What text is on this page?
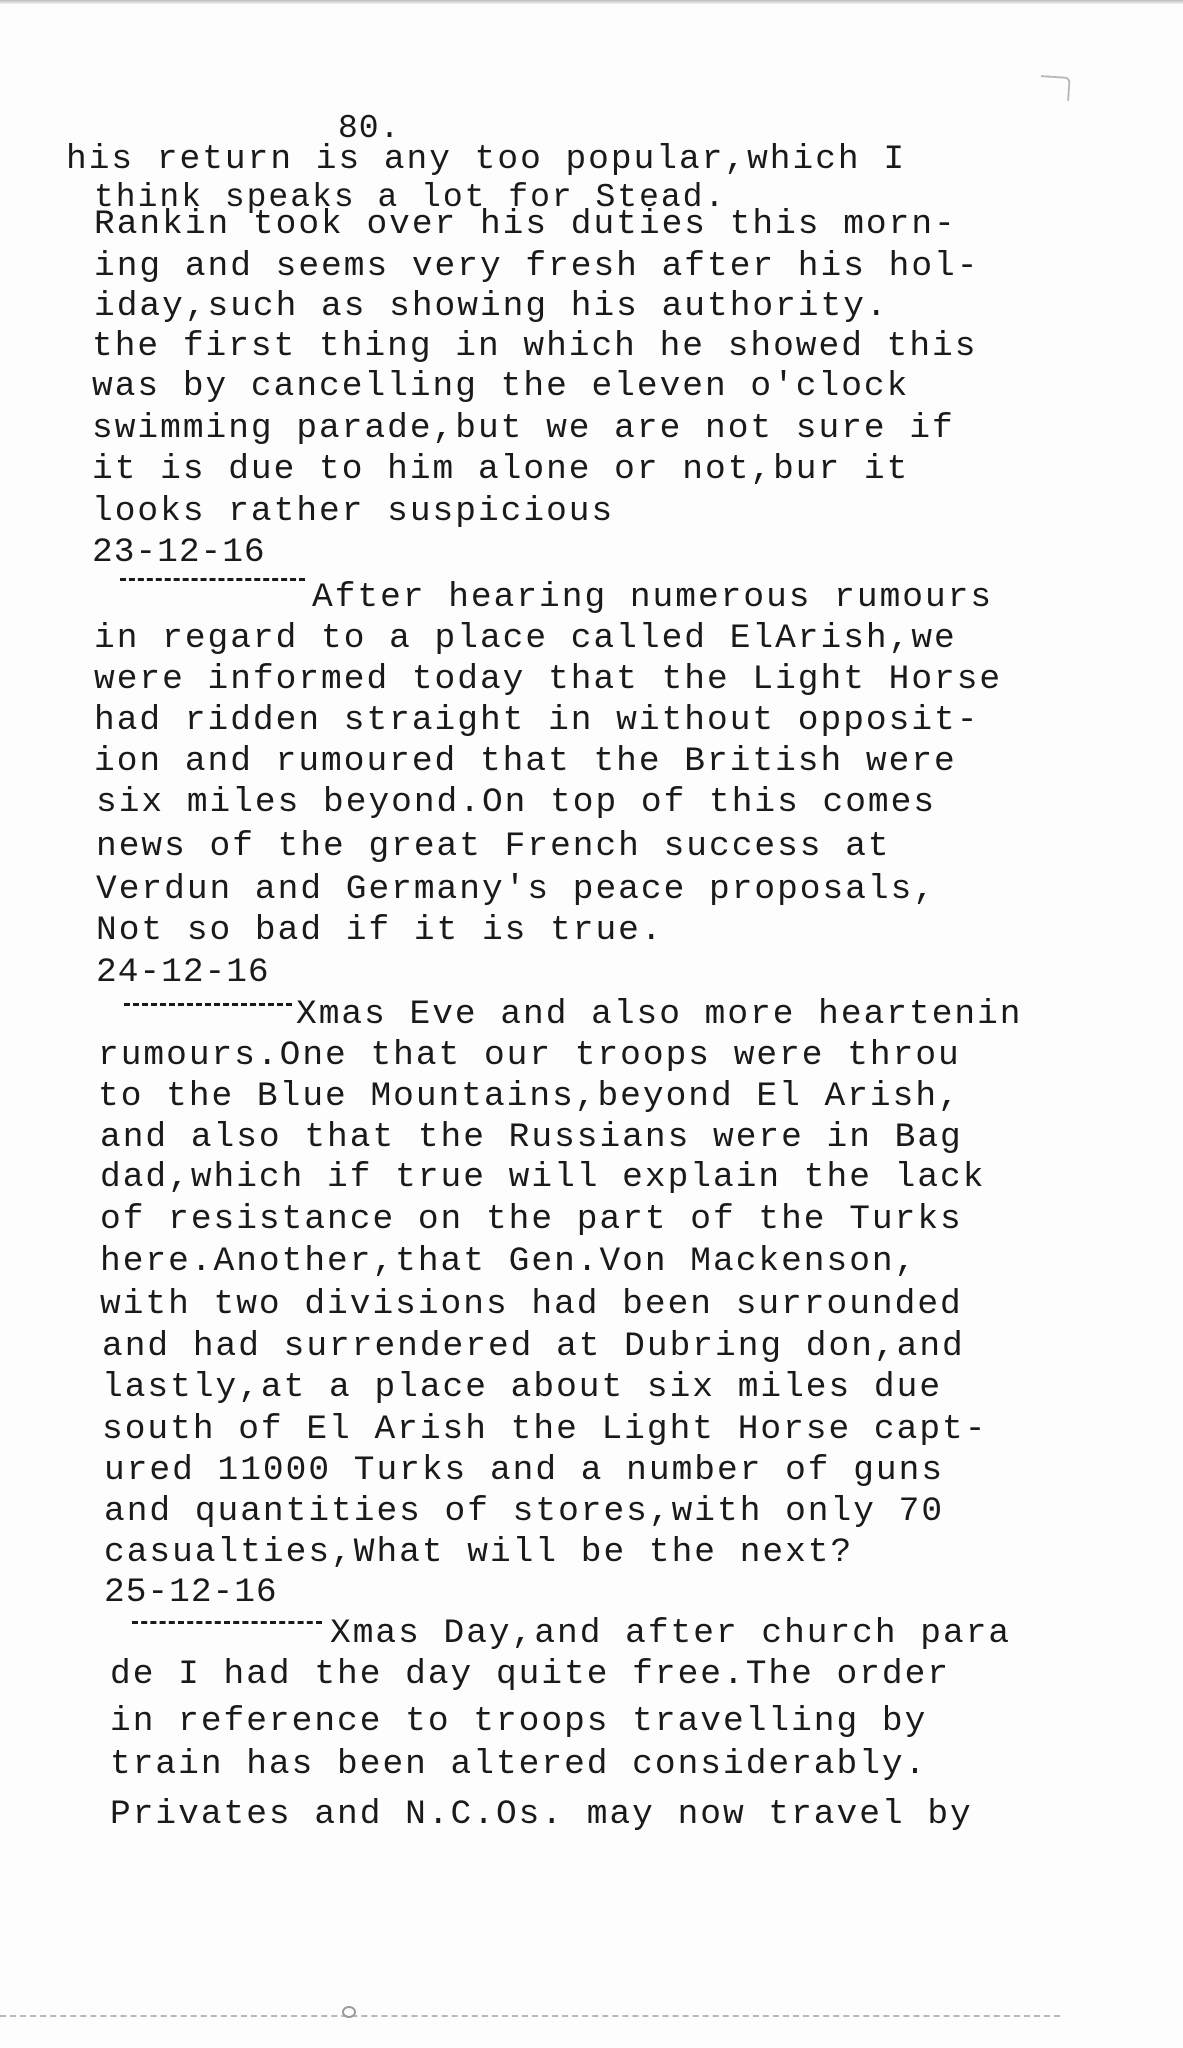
80.
his return is any too popular,which I
think speaks a lot for Stead.
Rankin took over his duties this morn-
ing and seems very fresh after his hol-
iday,such as showing his authority.
the first thing in which he showed this
was by cancelling the eleven o'clock
swimming parade,but we are not sure if
it is due to him alone or not,bur it
looks rather suspicious
23-12-16
After hearing numerous rumours
in regard to a place called ElArish,we
were informed today that the Light Horse
had ridden straight in without opposit-
ion and rumoured that the British were
six miles beyond.On top of this comes
news of the great French success at
Verdun and Germany's peace proposals,
Not so bad if it is true.
24-12-16
Xmas Eve and also more heartenin
rumours.One that our troops were throu
to the Blue Mountains,beyond El Arish,
and also that the Russians were in Bag
dad,which if true will explain the lack
of resistance on the part of the Turks
here.Another,that Gen.Von Mackenson,
with two divisions had been surrounded
and had surrendered at Dubring don,and
lastly,at a place about six miles due
south of El Arish the Light Horse capt-
ured 11000 Turks and a number of guns
and quantities of stores,with only 70
casualties,What will be the next?
25-12-16
Xmas Day,and after church para
de I had the day quite free.The order
in reference to troops travelling by
train has been altered considerably.
Privates and N.C.Os. may now travel by
